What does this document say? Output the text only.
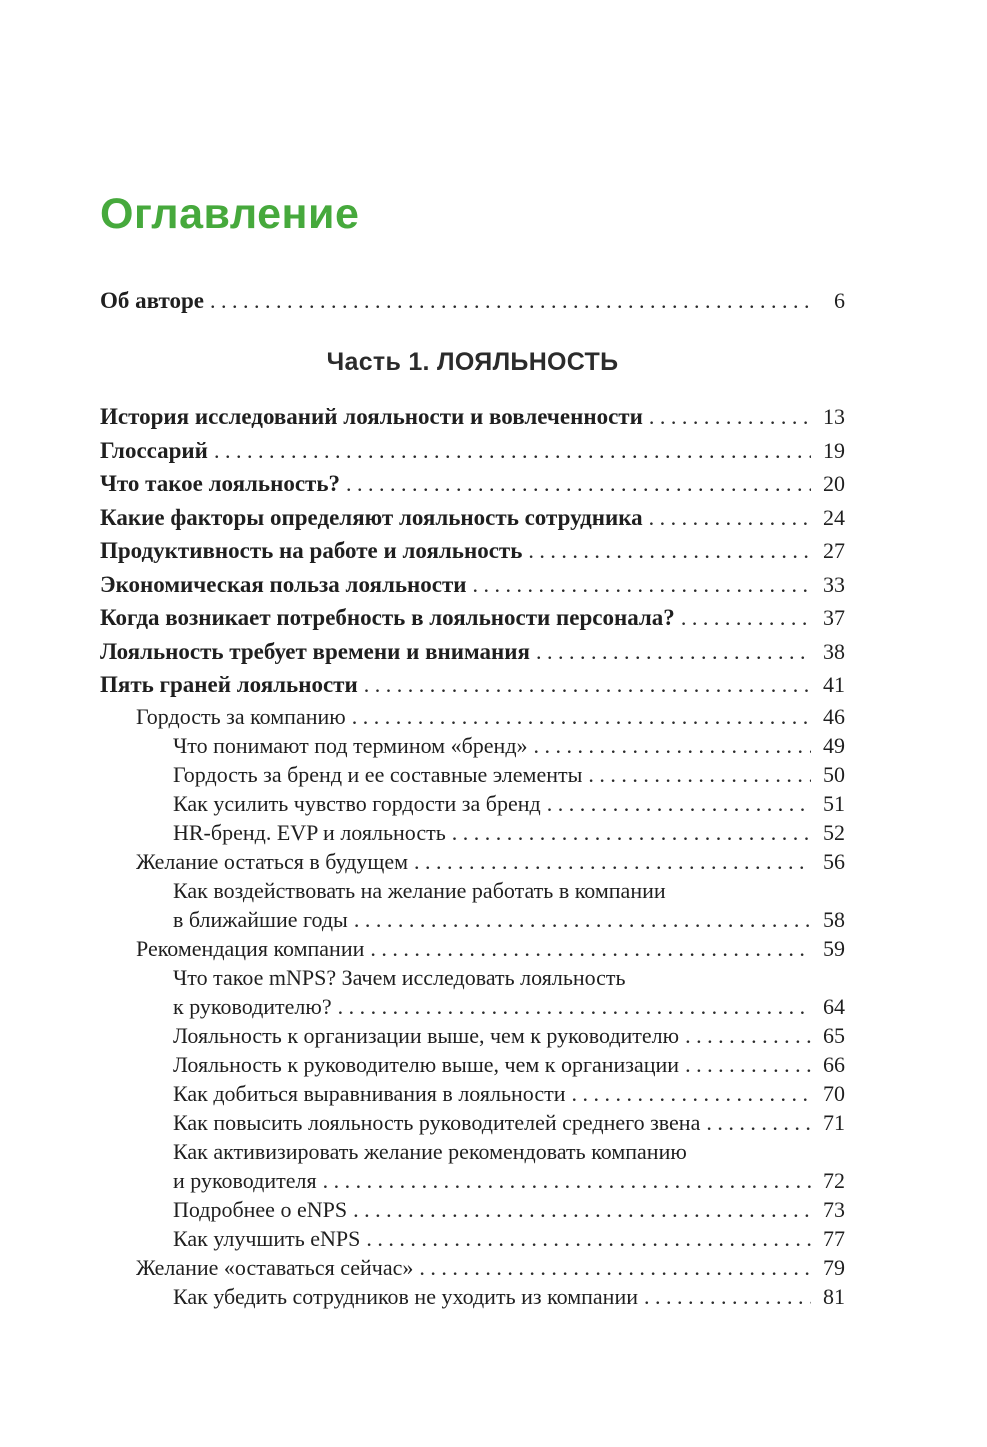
Оглавление
Об авторе . . .	6
Часть 1. ЛОЯЛЬНОСТЬ
История исследований лояльности и вовлеченности . . .	13
Глоссарий . . .	19
Что такое лояльность? . . .	20
Какие факторы определяют лояльность сотрудника . . .	24
Продуктивность на работе и лояльность . . .	27
Экономическая польза лояльности . . .	33
Когда возникает потребность в лояльности персонала? . . .	37
Лояльность требует времени и внимания . . .	38
Пять граней лояльности . . .	41
Гордость за компанию . . .	46
Что понимают под термином «бренд» . . .	49
Гордость за бренд и ее составные элементы . . .	50
Как усилить чувство гордости за бренд . . .	51
HR-бренд. EVP и лояльность . . .	52
Желание остаться в будущем . . .	56
Как воздействовать на желание работать в компании
в ближайшие годы . . .	58
Рекомендация компании . . .	59
Что такое mNPS? Зачем исследовать лояльность
к руководителю? . . .	64
Лояльность к организации выше, чем к руководителю . . .	65
Лояльность к руководителю выше, чем к организации . . .	66
Как добиться выравнивания в лояльности . . .	70
Как повысить лояльность руководителей среднего звена . . .	71
Как активизировать желание рекомендовать компанию
и руководителя . . .	72
Подробнее о eNPS . . .	73
Как улучшить eNPS . . .	77
Желание «оставаться сейчас» . . .	79
Как убедить сотрудников не уходить из компании . . .	81
